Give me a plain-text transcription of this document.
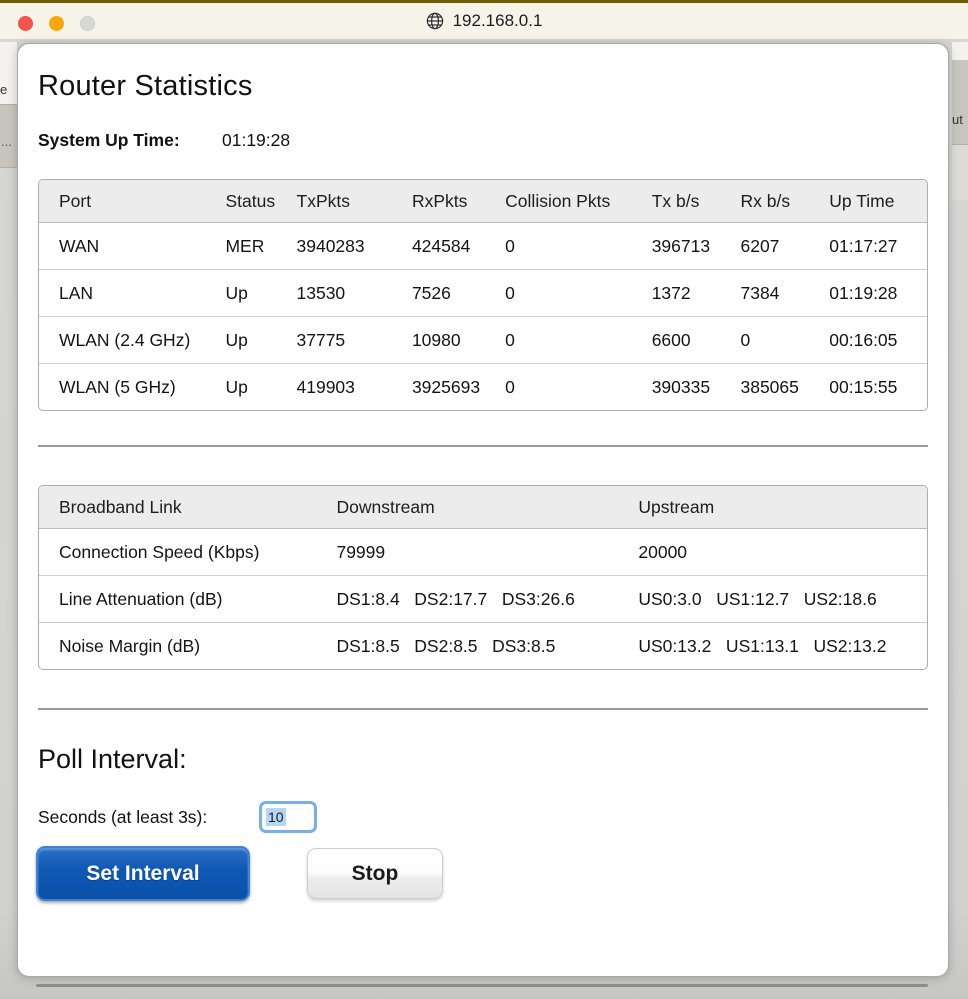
e
...
ut
192.168.0.1
Router Statistics
System Up Time:	01:19:28
Port	Status	TxPkts	RxPkts	Collision Pkts	Tx b/s	Rx b/s	Up Time
WAN	MER	3940283	424584	0	396713	6207	01:17:27
LAN	Up	13530	7526	0	1372	7384	01:19:28
WLAN (2.4 GHz)	Up	37775	10980	0	6600	0	00:16:05
WLAN (5 GHz)	Up	419903	3925693	0	390335	385065	00:15:55
Broadband Link	Downstream	Upstream
Connection Speed (Kbps)	79999	20000
Line Attenuation (dB)	DS1:8.4   DS2:17.7   DS3:26.6	US0:3.0   US1:12.7   US2:18.6
Noise Margin (dB)	DS1:8.5   DS2:8.5   DS3:8.5	US0:13.2   US1:13.1   US2:13.2
Poll Interval:
Seconds (at least 3s):	10
Set Interval	Stop
